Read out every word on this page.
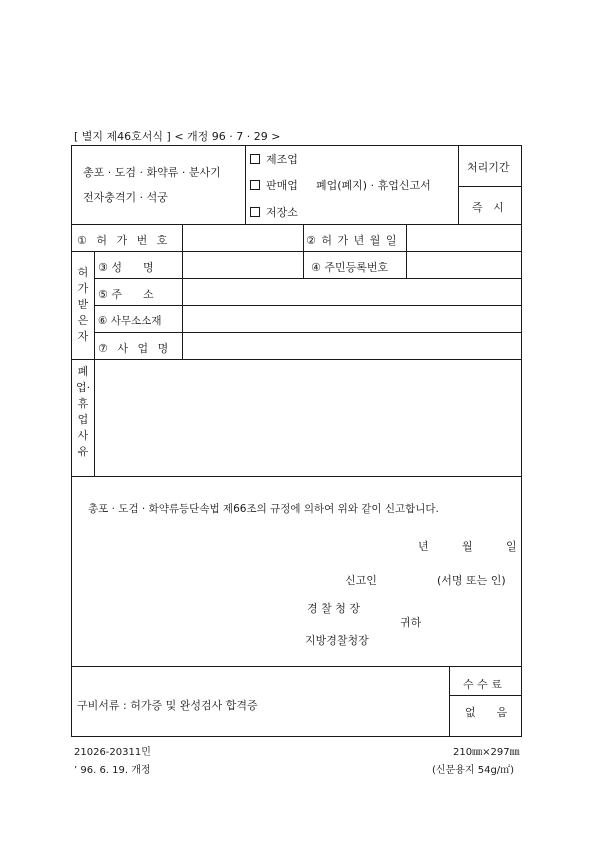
[ 별지 제46호서식 ] < 개정 96 · 7 · 29 >
총포 · 도검 · 화약류 · 분사기
전자충격기 · 석궁
제조업
판매업
저장소
폐업(폐지) · 휴업신고서
처리기간
즉   시
① 허 가 번 호	② 허 가 년 월 일
허가받은자
③ 성      명	④ 주민등록번호
⑤ 주      소
⑥ 사무소소재
⑦ 사 업 명
폐업·휴업사유
총포 · 도검 · 화약류등단속법 제66조의 규정에 의하여 위와 같이 신고합니다.
년	월	일
신고인	(서명 또는 인)
경 찰 청 장
귀하
지방경찰청장
구비서류 : 허가증 및 완성검사 합격증
수 수 료
없      음
21026-20311민
’ 96. 6. 19. 개정
210㎜×297㎜
(신문용지 54g/㎡)
